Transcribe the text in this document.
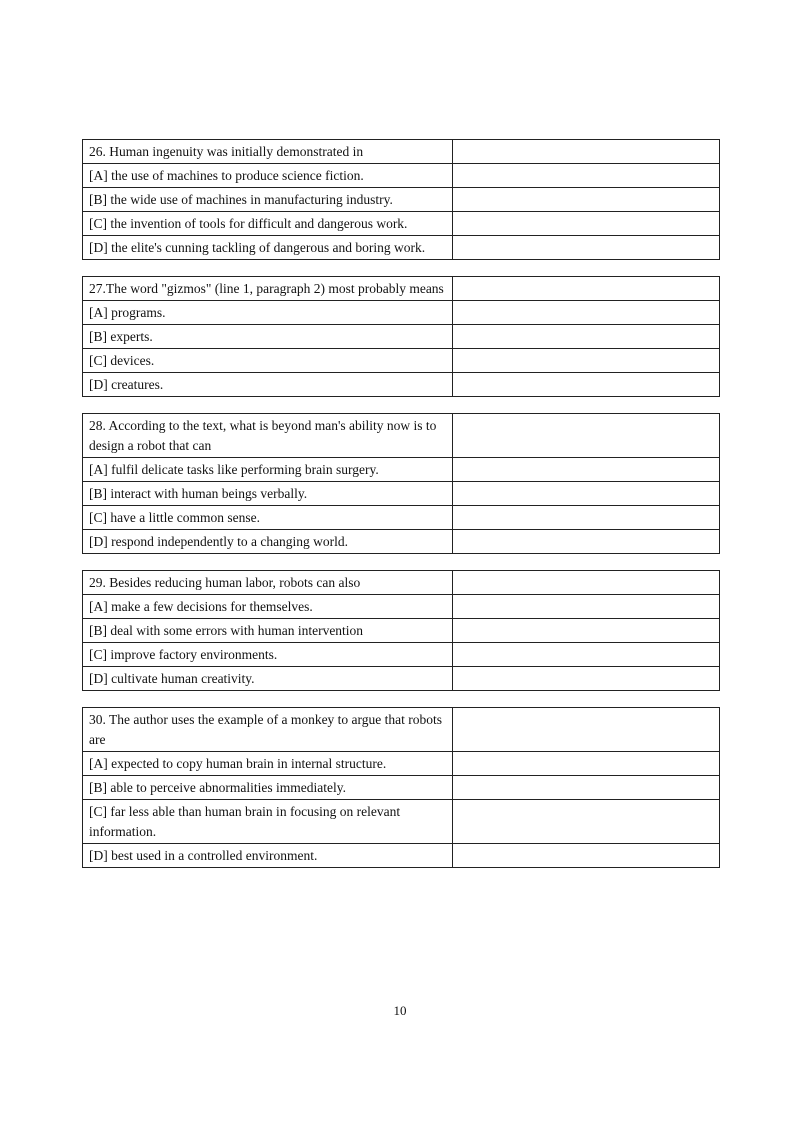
26. Human ingenuity was initially demonstrated in	
[A] the use of machines to produce science fiction.	
[B] the wide use of machines in manufacturing industry.	
[C] the invention of tools for difficult and dangerous work.	
[D] the elite's cunning tackling of dangerous and boring work.	
27.The word "gizmos" (line 1, paragraph 2) most probably means	
[A] programs.	
[B] experts.	
[C] devices.	
[D] creatures.	
28. According to the text, what is beyond man's ability now is to design a robot that can	
[A] fulfil delicate tasks like performing brain surgery.	
[B] interact with human beings verbally.	
[C] have a little common sense.	
[D] respond independently to a changing world.	
29. Besides reducing human labor, robots can also	
[A] make a few decisions for themselves.	
[B] deal with some errors with human intervention	
[C] improve factory environments.	
[D] cultivate human creativity.	
30. The author uses the example of a monkey to argue that robots are	
[A] expected to copy human brain in internal structure.	
[B] able to perceive abnormalities immediately.	
[C] far less able than human brain in focusing on relevant information.	
[D] best used in a controlled environment.	
10
